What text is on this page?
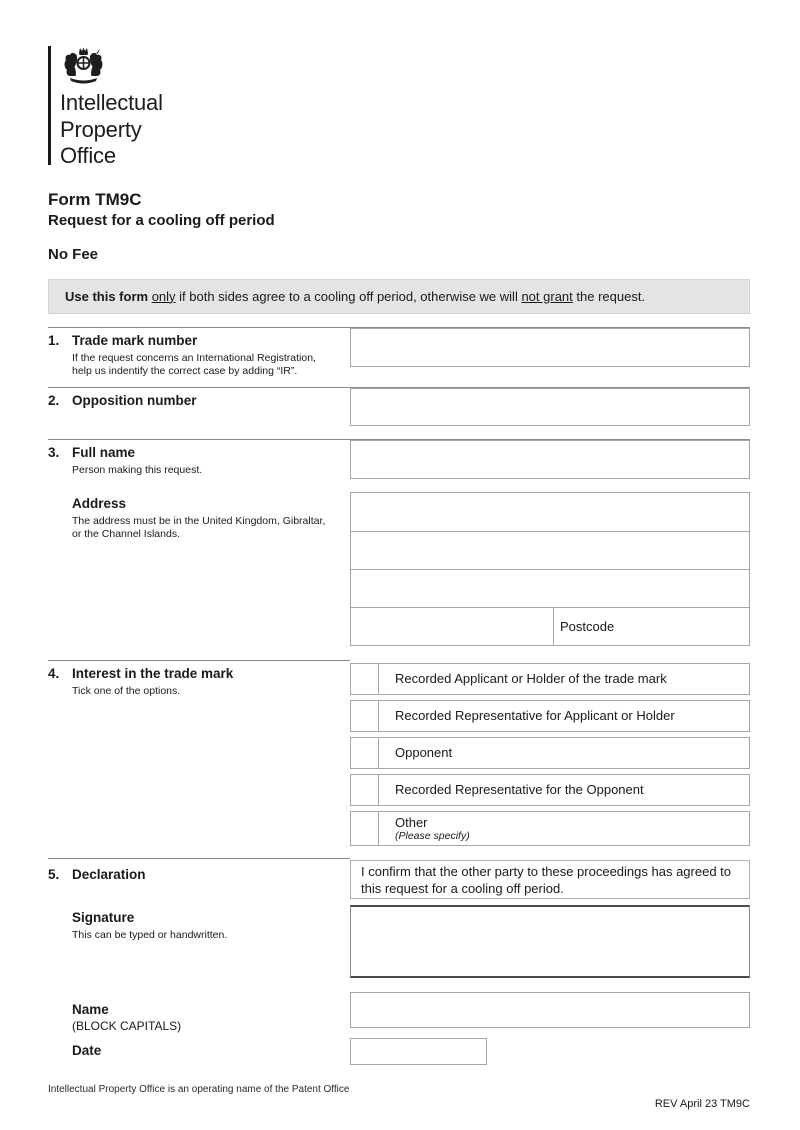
Intellectual
Property
Office
Form TM9C
Request for a cooling off period
No Fee
Use this form only if both sides agree to a cooling off period, otherwise we will not grant the request.
1. Trade mark number
If the request concerns an International Registration, help us indentify the correct case by adding “IR”.
2. Opposition number
3. Full name
Person making this request.
Address
The address must be in the United Kingdom, Gibraltar, or the Channel Islands.
Postcode
4. Interest in the trade mark
Tick one of the options.
Recorded Applicant or Holder of the trade mark
Recorded Representative for Applicant or Holder
Opponent
Recorded Representative for the Opponent
Other
(Please specify)
5. Declaration	I confirm that the other party to these proceedings has agreed to this request for a cooling off period.
Signature
This can be typed or handwritten.
Name
(BLOCK CAPITALS)
Date
Intellectual Property Office is an operating name of the Patent Office
REV April 23 TM9C
